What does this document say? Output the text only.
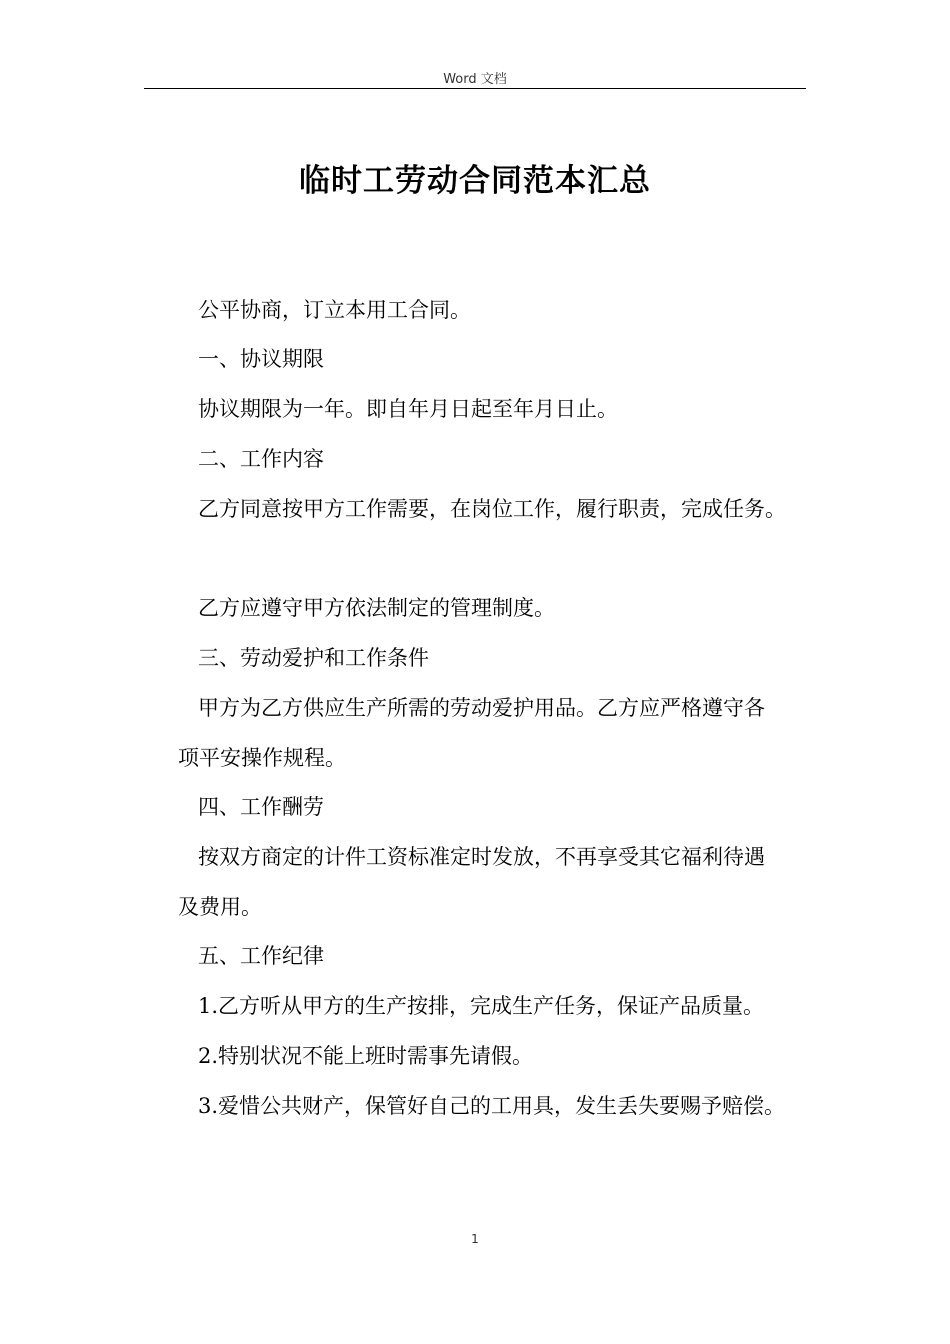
Word 文档
临时工劳动合同范本汇总
公平协商，订立本用工合同。
一、协议期限
协议期限为一年。即自年月日起至年月日止。
二、工作内容
乙方同意按甲方工作需要，在岗位工作，履行职责，完成任务。
乙方应遵守甲方依法制定的管理制度。
三、劳动爱护和工作条件
甲方为乙方供应生产所需的劳动爱护用品。乙方应严格遵守各
项平安操作规程。
四、工作酬劳
按双方商定的计件工资标准定时发放，不再享受其它福利待遇
及费用。
五、工作纪律
1.乙方听从甲方的生产按排，完成生产任务，保证产品质量。
2.特别状况不能上班时需事先请假。
3.爱惜公共财产，保管好自己的工用具，发生丢失要赐予赔偿。
1
